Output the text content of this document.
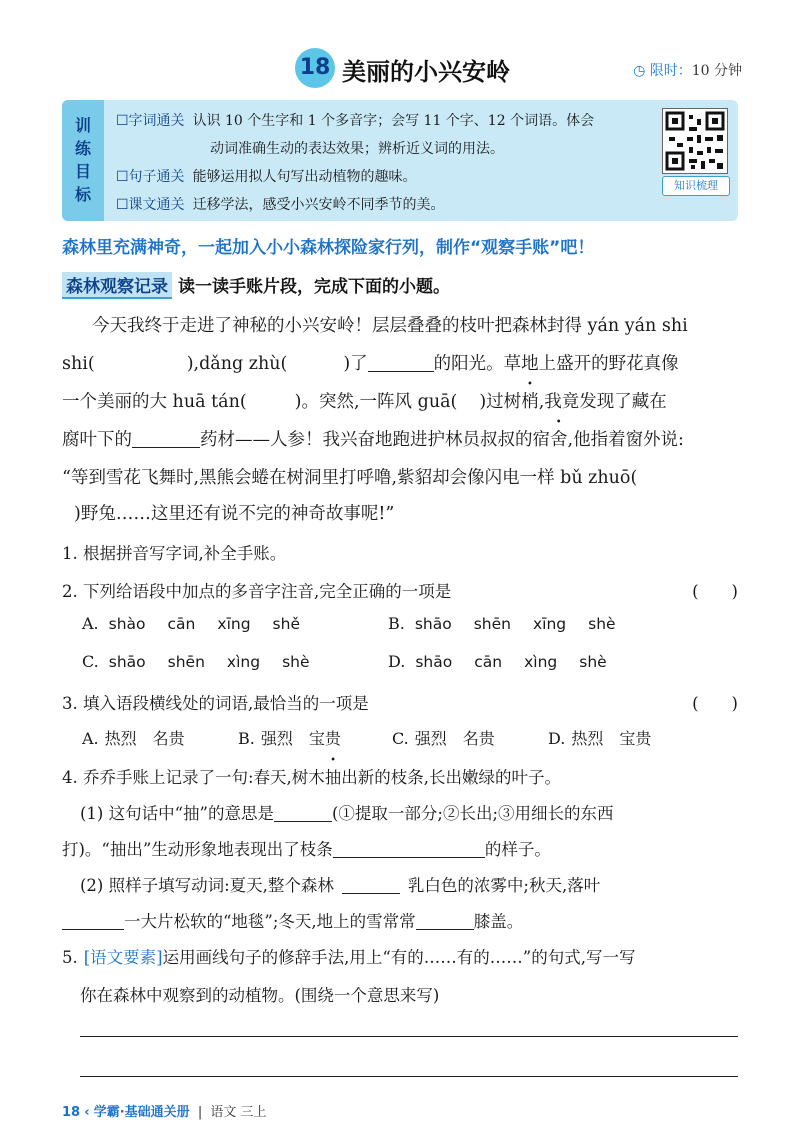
18 美丽的小兴安岭	◷ 限时：10 分钟
训
练
目
标
☐字词通关 认识 10 个生字和 1 个多音字；会写 11 个字、12 个词语。体会
动词准确生动的表达效果；辨析近义词的用法。
☐句子通关 能够运用拟人句写出动植物的趣味。
☐课文通关 迁移学法，感受小兴安岭不同季节的美。
知识梳理
森林里充满神奇，一起加入小小森林探险家行列，制作“观察手账”吧！
森林观察记录 读一读手账片段，完成下面的小题。
今天我终于走进了神秘的小兴安岭！层层叠叠的枝叶把森林封得 yán yán shi
shi(	),dǎng zhù(	)了	的阳光。草地上盛开的野花真像
一个美丽的大 huā tán(	)。突然,一阵风 guā( )过树梢,我竟发现了藏在
腐叶下的	药材——人参！我兴奋地跑进护林员叔叔的宿舍,他指着窗外说:
“等到雪花飞舞时,黑熊会蜷在树洞里打呼噜,紫貂却会像闪电一样 bǔ zhuō(
)野兔……这里还有说不完的神奇故事呢!”
1. 根据拼音写字词,补全手账。
2. 下列给语段中加点的多音字注音,完全正确的一项是	(　　)
A. shào cān xīng shě	B. shāo shēn xīng shè
C. shāo shēn xìng shè	D. shāo cān xìng shè
3. 填入语段横线处的词语,最恰当的一项是	(　　)
A. 热烈 名贵	B. 强烈 宝贵	C. 强烈 名贵	D. 热烈 宝贵
4. 乔乔手账上记录了一句:春天,树木抽出新的枝条,长出嫩绿的叶子。
(1) 这句话中“抽”的意思是	(①提取一部分;②长出;③用细长的东西
打)。“抽出”生动形象地表现出了枝条	的样子。
(2) 照样子填写动词:夏天,整个森林	乳白色的浓雾中;秋天,落叶
一大片松软的“地毯”;冬天,地上的雪常常	膝盖。
5. [语文要素]运用画线句子的修辞手法,用上“有的……有的……”的句式,写一写
你在森林中观察到的动植物。(围绕一个意思来写)
18 ‹ 学霸·基础通关册 | 语文 三上
